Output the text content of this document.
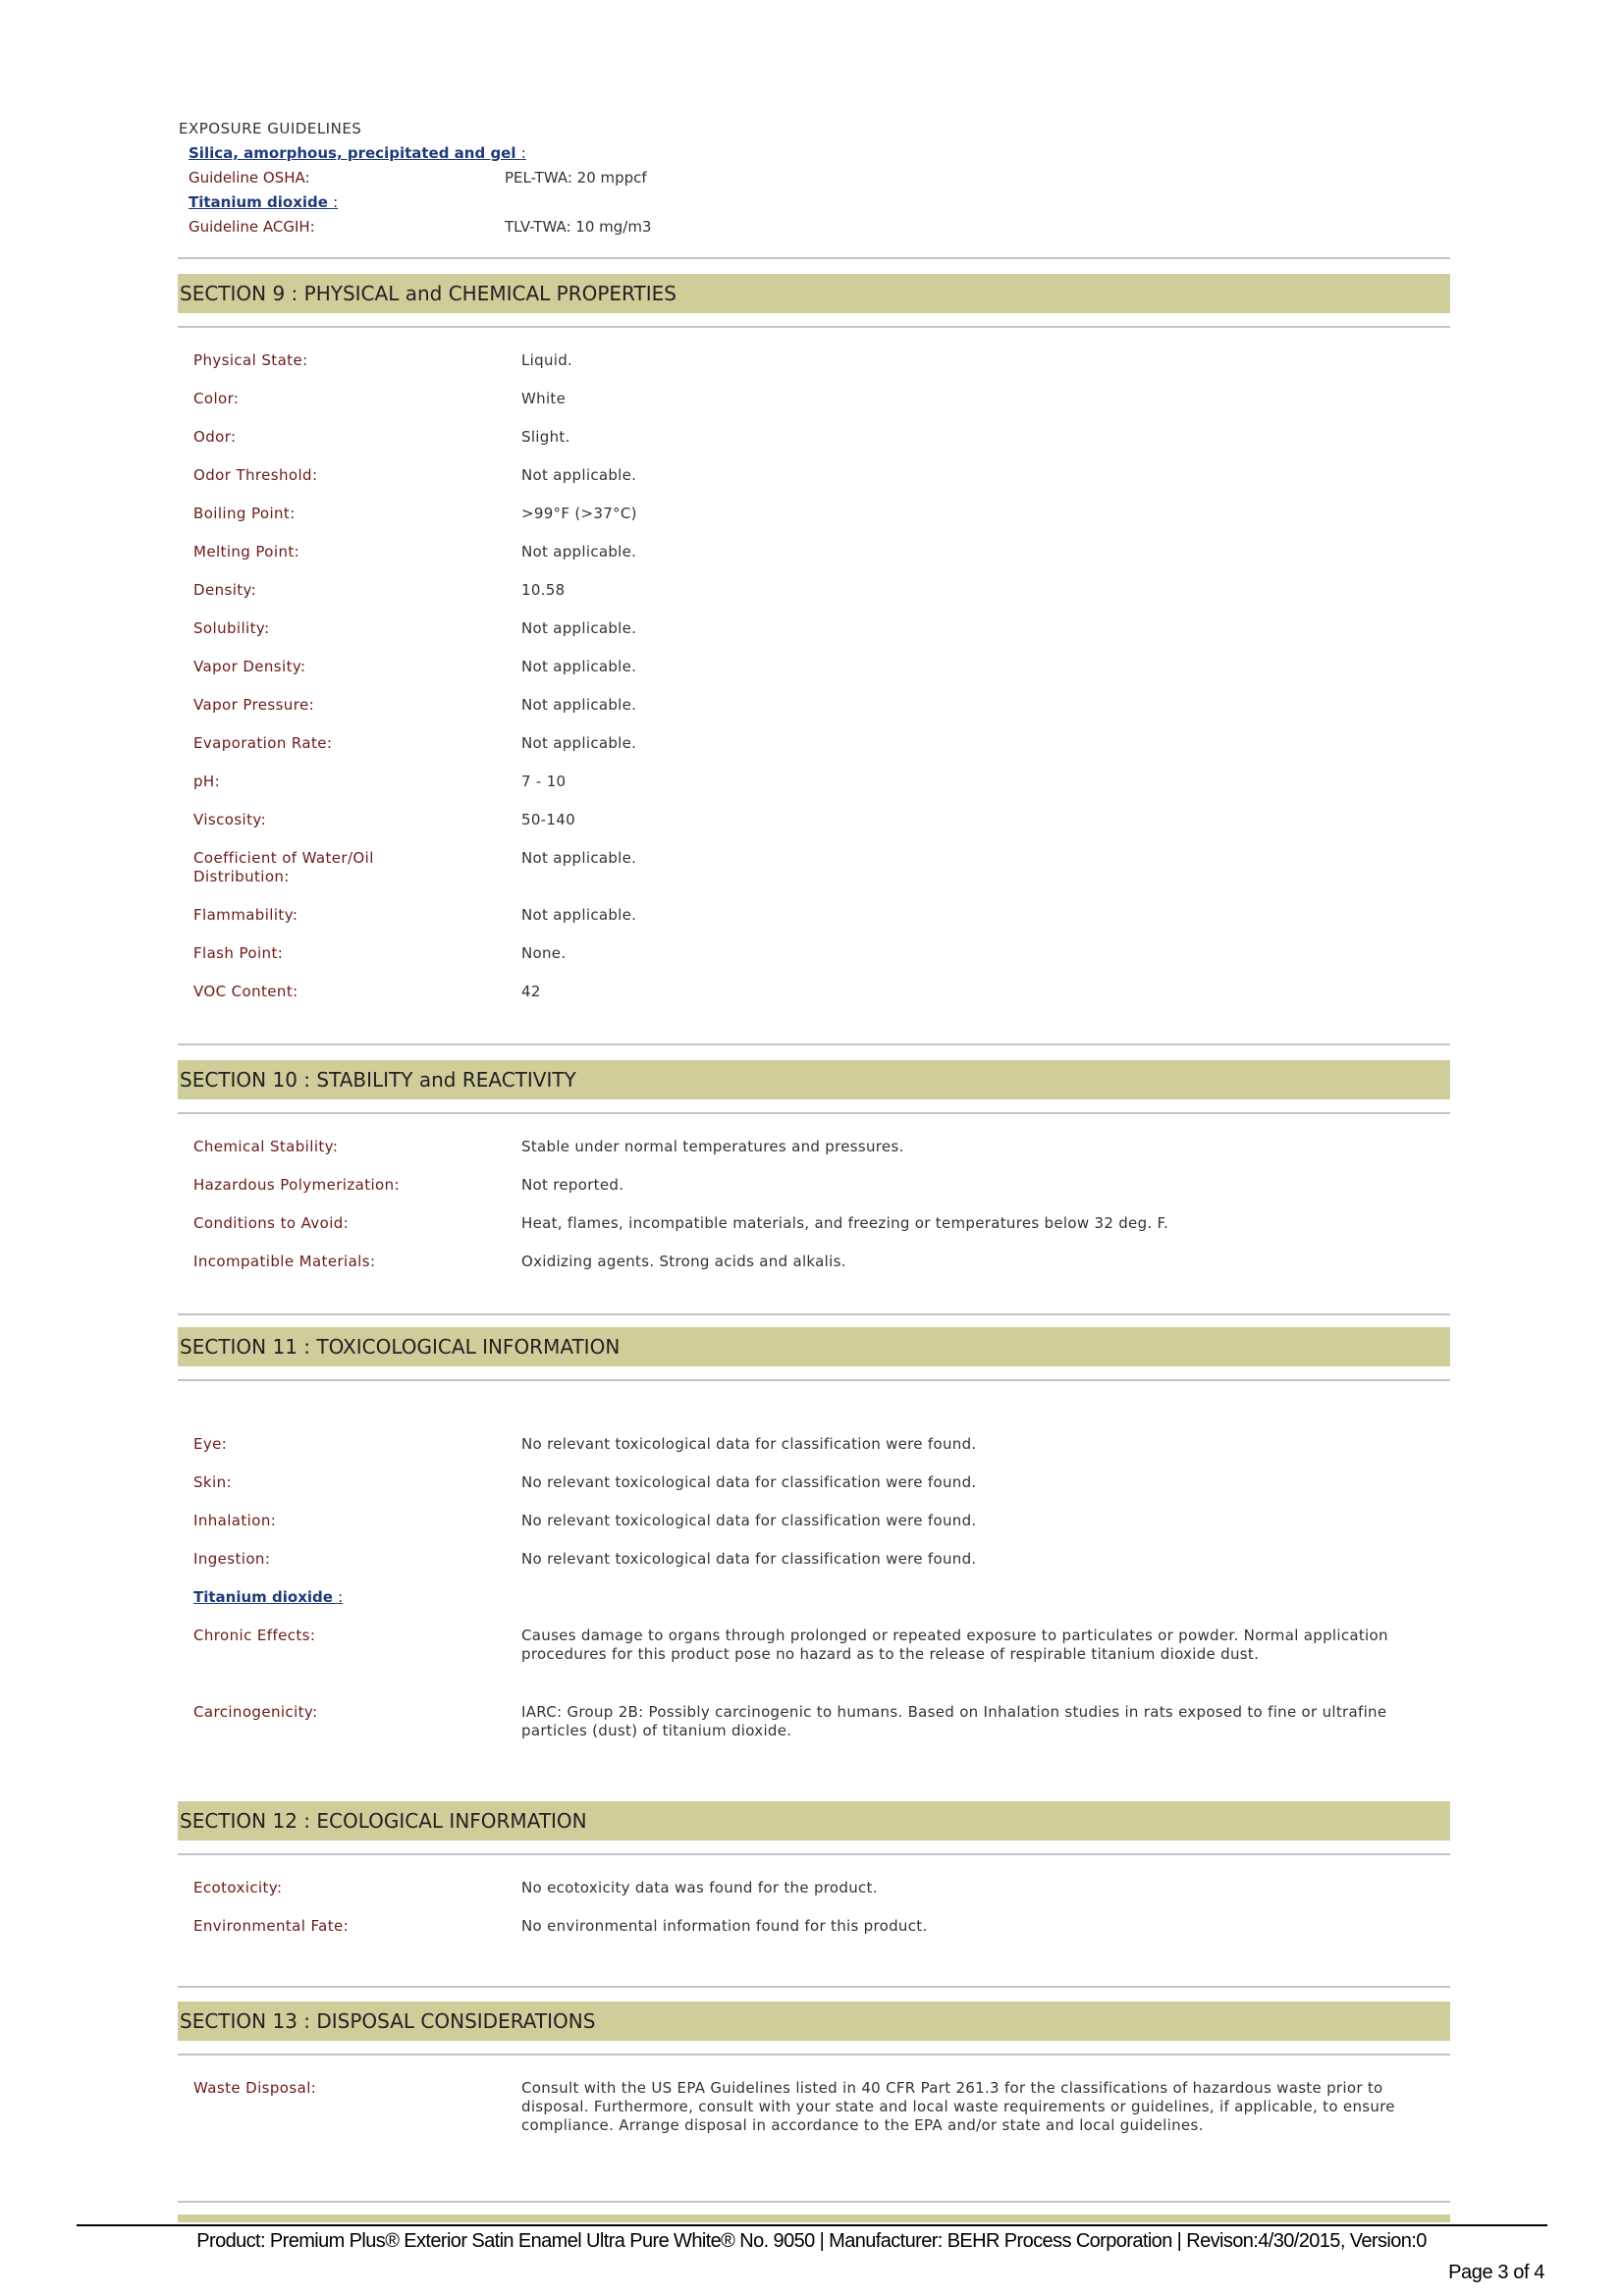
EXPOSURE GUIDELINES
Silica, amorphous, precipitated and gel :
Guideline OSHA:	PEL-TWA: 20 mppcf
Titanium dioxide :
Guideline ACGIH:	TLV-TWA: 10 mg/m3
SECTION 9 : PHYSICAL and CHEMICAL PROPERTIES
Physical State:	Liquid.
Color:	White
Odor:	Slight.
Odor Threshold:	Not applicable.
Boiling Point:	>99°F (>37°C)
Melting Point:	Not applicable.
Density:	10.58
Solubility:	Not applicable.
Vapor Density:	Not applicable.
Vapor Pressure:	Not applicable.
Evaporation Rate:	Not applicable.
pH:	7 - 10
Viscosity:	50-140
Coefficient of Water/Oil Distribution:
Not applicable.
Flammability:	Not applicable.
Flash Point:	None.
VOC Content:	42
SECTION 10 : STABILITY and REACTIVITY
Chemical Stability:	Stable under normal temperatures and pressures.
Hazardous Polymerization:	Not reported.
Conditions to Avoid:	Heat, flames, incompatible materials, and freezing or temperatures below 32 deg. F.
Incompatible Materials:	Oxidizing agents. Strong acids and alkalis.
SECTION 11 : TOXICOLOGICAL INFORMATION
Eye:	No relevant toxicological data for classification were found.
Skin:	No relevant toxicological data for classification were found.
Inhalation:	No relevant toxicological data for classification were found.
Ingestion:	No relevant toxicological data for classification were found.
Titanium dioxide :
Chronic Effects:	Causes damage to organs through prolonged or repeated exposure to particulates or powder. Normal application procedures for this product pose no hazard as to the release of respirable titanium dioxide dust.
Carcinogenicity:	IARC: Group 2B: Possibly carcinogenic to humans. Based on Inhalation studies in rats exposed to fine or ultrafine particles (dust) of titanium dioxide.
SECTION 12 : ECOLOGICAL INFORMATION
Ecotoxicity:	No ecotoxicity data was found for the product.
Environmental Fate:	No environmental information found for this product.
SECTION 13 : DISPOSAL CONSIDERATIONS
Waste Disposal:	Consult with the US EPA Guidelines listed in 40 CFR Part 261.3 for the classifications of hazardous waste prior to disposal. Furthermore, consult with your state and local waste requirements or guidelines, if applicable, to ensure compliance. Arrange disposal in accordance to the EPA and/or state and local guidelines.
Product: Premium Plus® Exterior Satin Enamel Ultra Pure White® No. 9050 | Manufacturer: BEHR Process Corporation | Revison:4/30/2015, Version:0
Page 3 of 4
